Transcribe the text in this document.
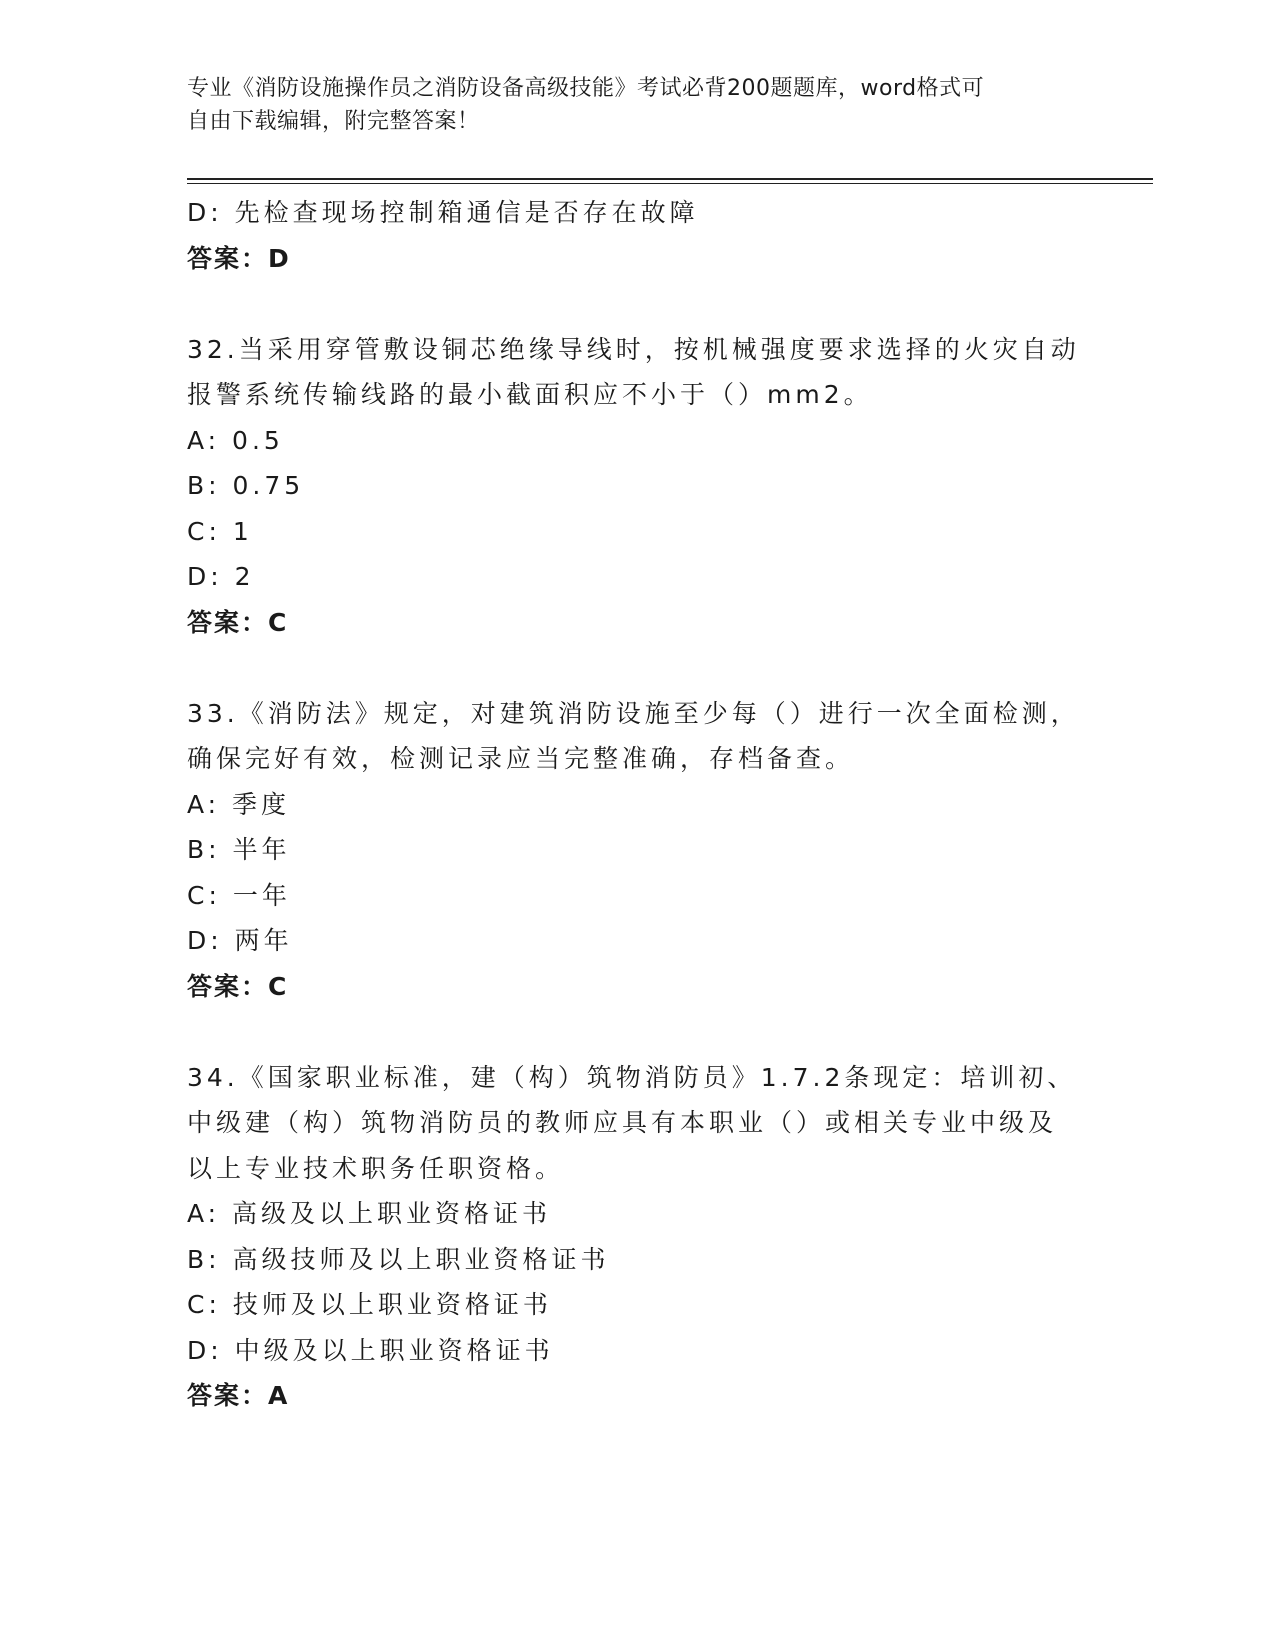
专业《消防设施操作员之消防设备高级技能》考试必背200题题库，word格式可
自由下载编辑，附完整答案！
D: 先检查现场控制箱通信是否存在故障
答案：D
32.当采用穿管敷设铜芯绝缘导线时，按机械强度要求选择的火灾自动
报警系统传输线路的最小截面积应不小于（）mm2。
A: 0.5
B: 0.75
C: 1
D: 2
答案：C
33.《消防法》规定，对建筑消防设施至少每（）进行一次全面检测，
确保完好有效，检测记录应当完整准确，存档备查。
A: 季度
B: 半年
C: 一年
D: 两年
答案：C
34.《国家职业标准，建（构）筑物消防员》1.7.2条现定：培训初、
中级建（构）筑物消防员的教师应具有本职业（）或相关专业中级及
以上专业技术职务任职资格。
A: 高级及以上职业资格证书
B: 高级技师及以上职业资格证书
C: 技师及以上职业资格证书
D: 中级及以上职业资格证书
答案：A
